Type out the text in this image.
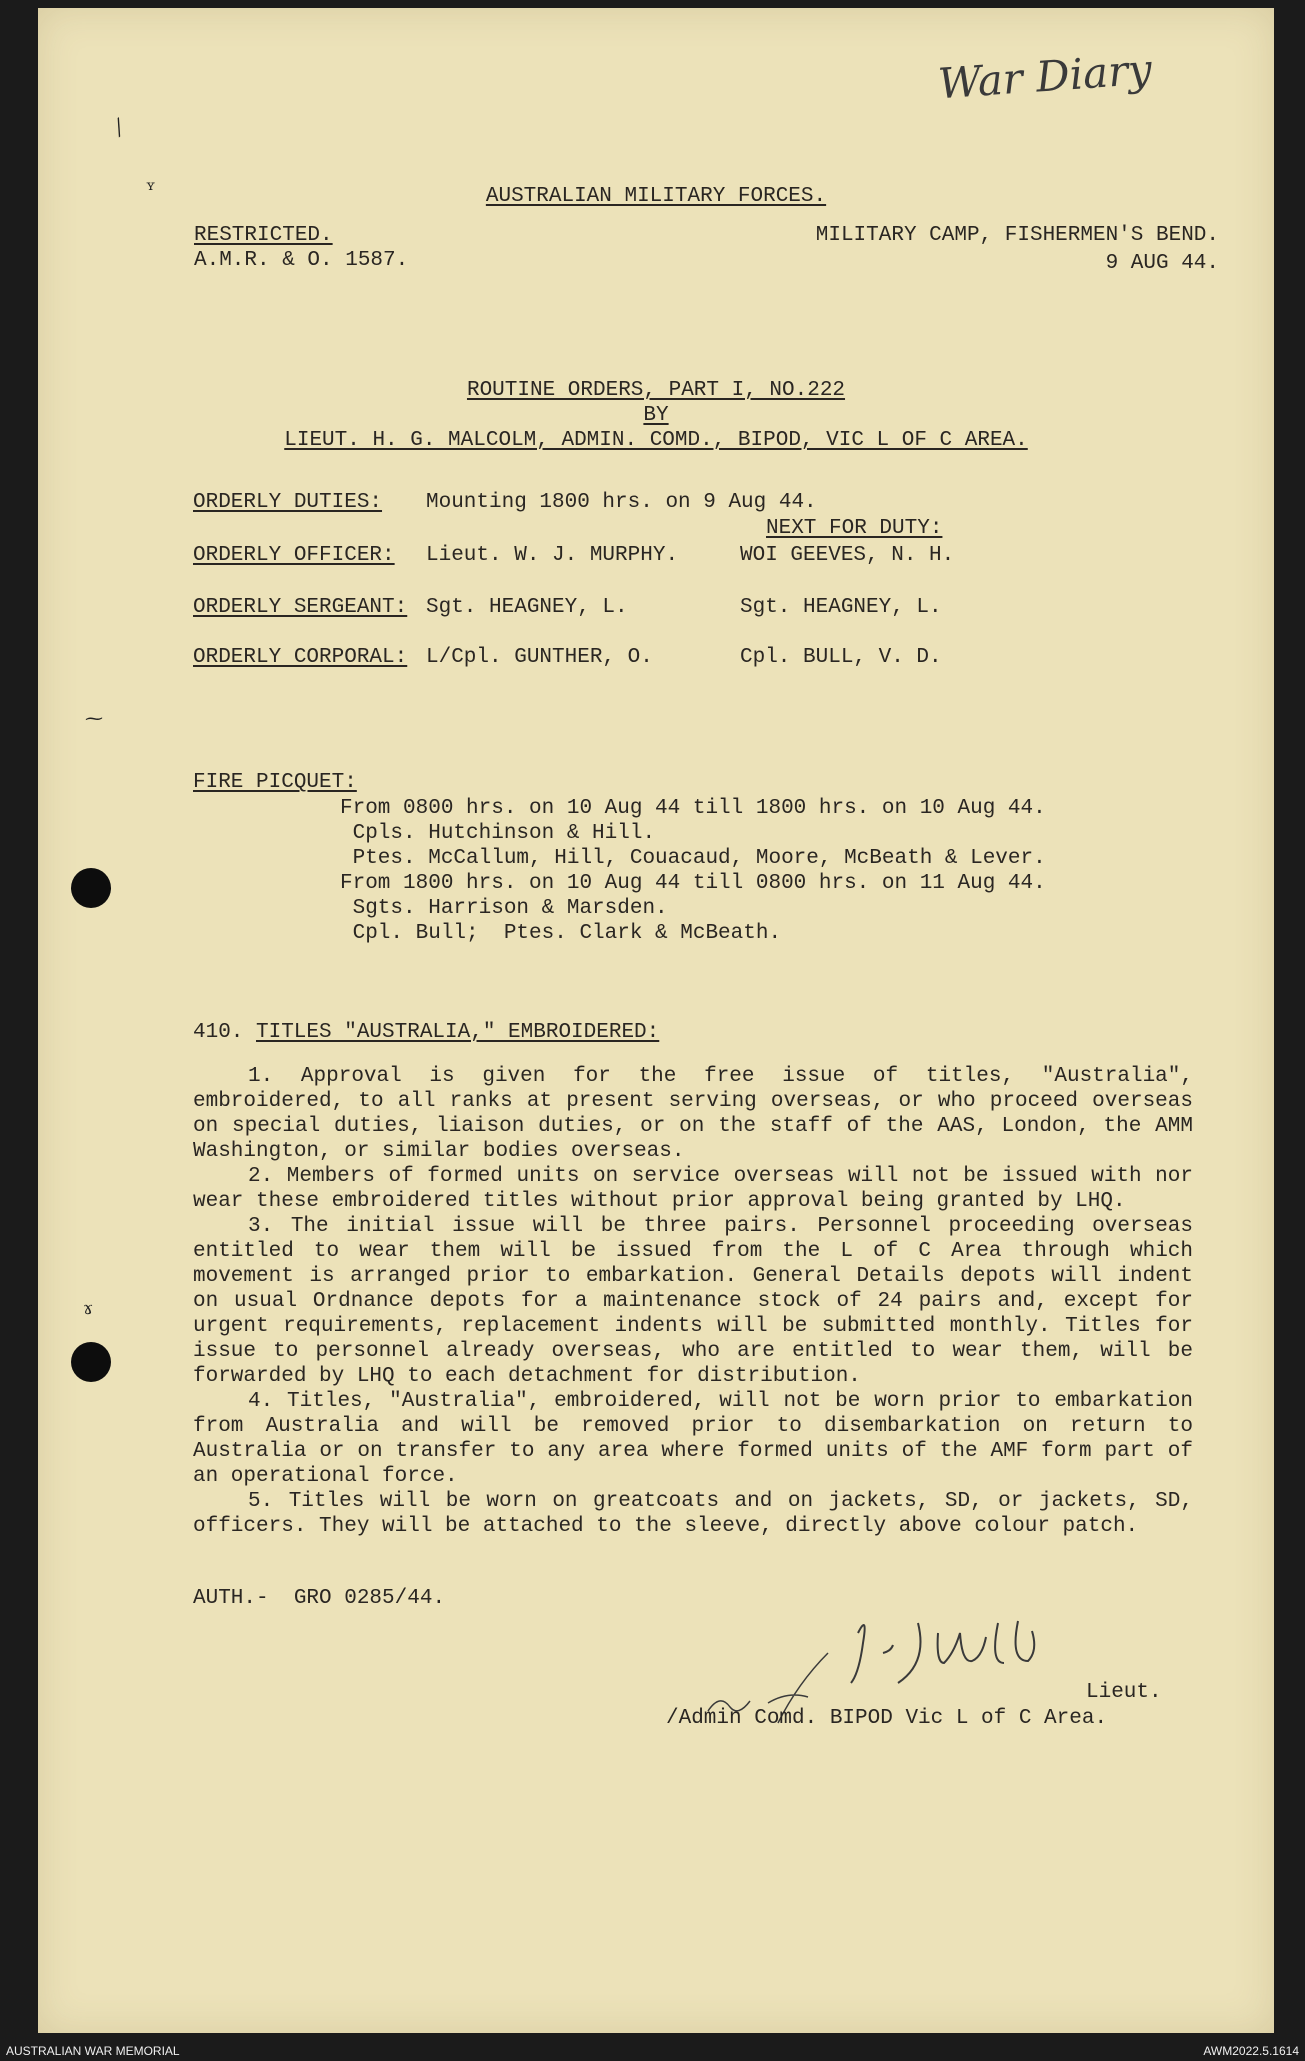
⁄
ʏ
⁓
ɤ
War Diary
AUSTRALIAN MILITARY FORCES.
RESTRICTED.
A.M.R. & O. 1587.
MILITARY CAMP, FISHERMEN'S BEND.
9 AUG 44.
ROUTINE ORDERS, PART I, NO.222
BY
LIEUT. H. G. MALCOLM, ADMIN. COMD., BIPOD, VIC L OF C AREA.
ORDERLY DUTIES: Mounting 1800 hrs. on 9 Aug 44.
NEXT FOR DUTY:
ORDERLY OFFICER: Lieut. W. J. MURPHY.	WOI GEEVES, N. H.
ORDERLY SERGEANT: Sgt. HEAGNEY, L.	Sgt. HEAGNEY, L.
ORDERLY CORPORAL: L/Cpl. GUNTHER, O.	Cpl. BULL, V. D.
FIRE PICQUET:
From 0800 hrs. on 10 Aug 44 till 1800 hrs. on 10 Aug 44.
Cpls. Hutchinson & Hill.
Ptes. McCallum, Hill, Couacaud, Moore, McBeath & Lever.
From 1800 hrs. on 10 Aug 44 till 0800 hrs. on 11 Aug 44.
Sgts. Harrison & Marsden.
Cpl. Bull;  Ptes. Clark & McBeath.
410. TITLES "AUSTRALIA," EMBROIDERED:
1. Approval is given for the free issue of titles, "Australia", embroidered, to all ranks at present serving overseas, or who proceed overseas on special duties, liaison duties, or on the staff of the AAS, London, the AMM Washington, or similar bodies overseas.
2. Members of formed units on service overseas will not be issued with nor wear these embroidered titles without prior approval being granted by LHQ.
3. The initial issue will be three pairs. Personnel proceeding overseas entitled to wear them will be issued from the L of C Area through which movement is arranged prior to embarkation. General Details depots will indent on usual Ordnance depots for a maintenance stock of 24 pairs and, except for urgent requirements, replacement indents will be submitted monthly. Titles for issue to personnel already overseas, who are entitled to wear them, will be forwarded by LHQ to each detachment for distribution.
4. Titles, "Australia", embroidered, will not be worn prior to embarkation from Australia and will be removed prior to disembarkation on return to Australia or on transfer to any area where formed units of the AMF form part of an operational force.
5. Titles will be worn on greatcoats and on jackets, SD, or jackets, SD, officers. They will be attached to the sleeve, directly above colour patch.
AUTH.-  GRO 0285/44.
Lieut.
/Admin Comd. BIPOD Vic L of C Area.
AUSTRALIAN WAR MEMORIAL	AWM2022.5.1614
